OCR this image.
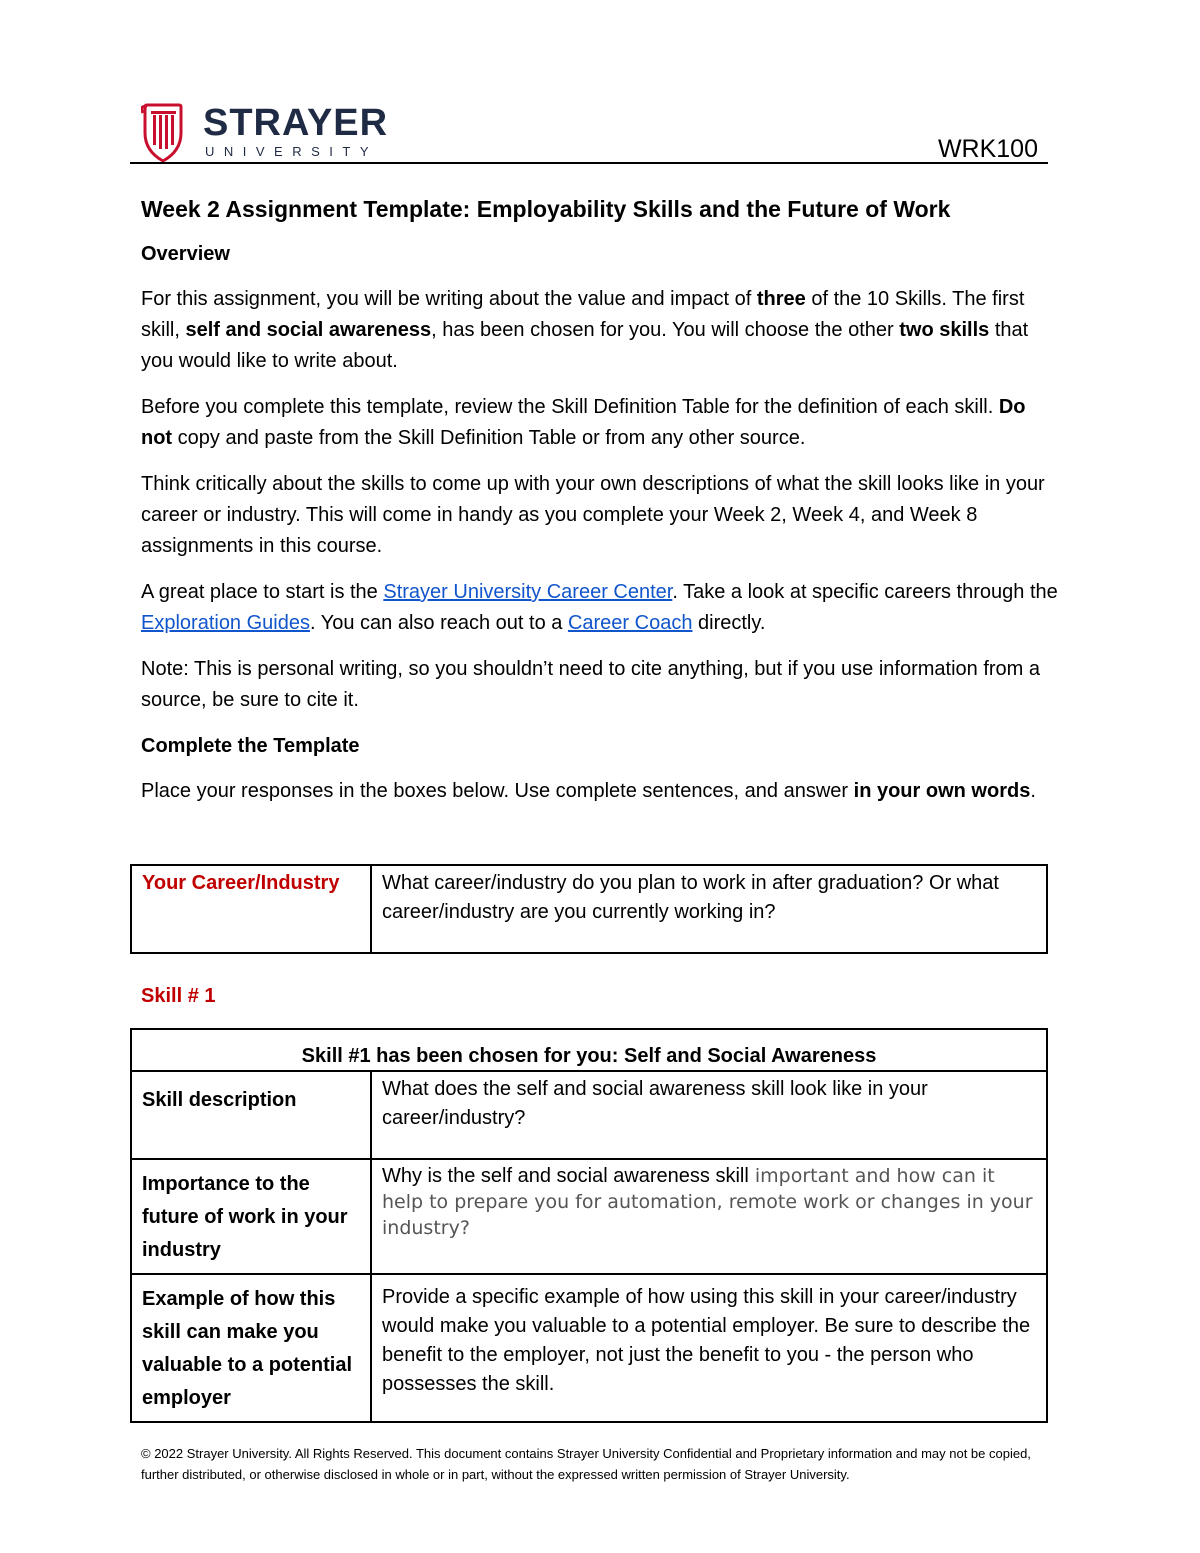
STRAYER
UNIVERSITY	WRK100
Week 2 Assignment Template: Employability Skills and the Future of Work
Overview
For this assignment, you will be writing about the value and impact of three of the 10 Skills. The first skill, self and social awareness, has been chosen for you. You will choose the other two skills that you would like to write about.
Before you complete this template, review the Skill Definition Table for the definition of each skill. Do not copy and paste from the Skill Definition Table or from any other source.
Think critically about the skills to come up with your own descriptions of what the skill looks like in your career or industry. This will come in handy as you complete your Week 2, Week 4, and Week 8 assignments in this course.
A great place to start is the Strayer University Career Center. Take a look at specific careers through the Exploration Guides. You can also reach out to a Career Coach directly.
Note: This is personal writing, so you shouldn’t need to cite anything, but if you use information from a source, be sure to cite it.
Complete the Template
Place your responses in the boxes below. Use complete sentences, and answer in your own words.
Your Career/Industry	What career/industry do you plan to work in after graduation? Or what career/industry are you currently working in?
Skill # 1
Skill #1 has been chosen for you: Self and Social Awareness	
Skill description	What does the self and social awareness skill look like in your career/industry?
Importance to the future of work in your industry	Why is the self and social awareness skill important and how can it help to prepare you for automation, remote work or changes in your industry?
Example of how this skill can make you valuable to a potential employer	Provide a specific example of how using this skill in your career/industry would make you valuable to a potential employer. Be sure to describe the benefit to the employer, not just the benefit to you - the person who possesses the skill.
© 2022 Strayer University. All Rights Reserved. This document contains Strayer University Confidential and Proprietary information and may not be copied, further distributed, or otherwise disclosed in whole or in part, without the expressed written permission of Strayer University.
